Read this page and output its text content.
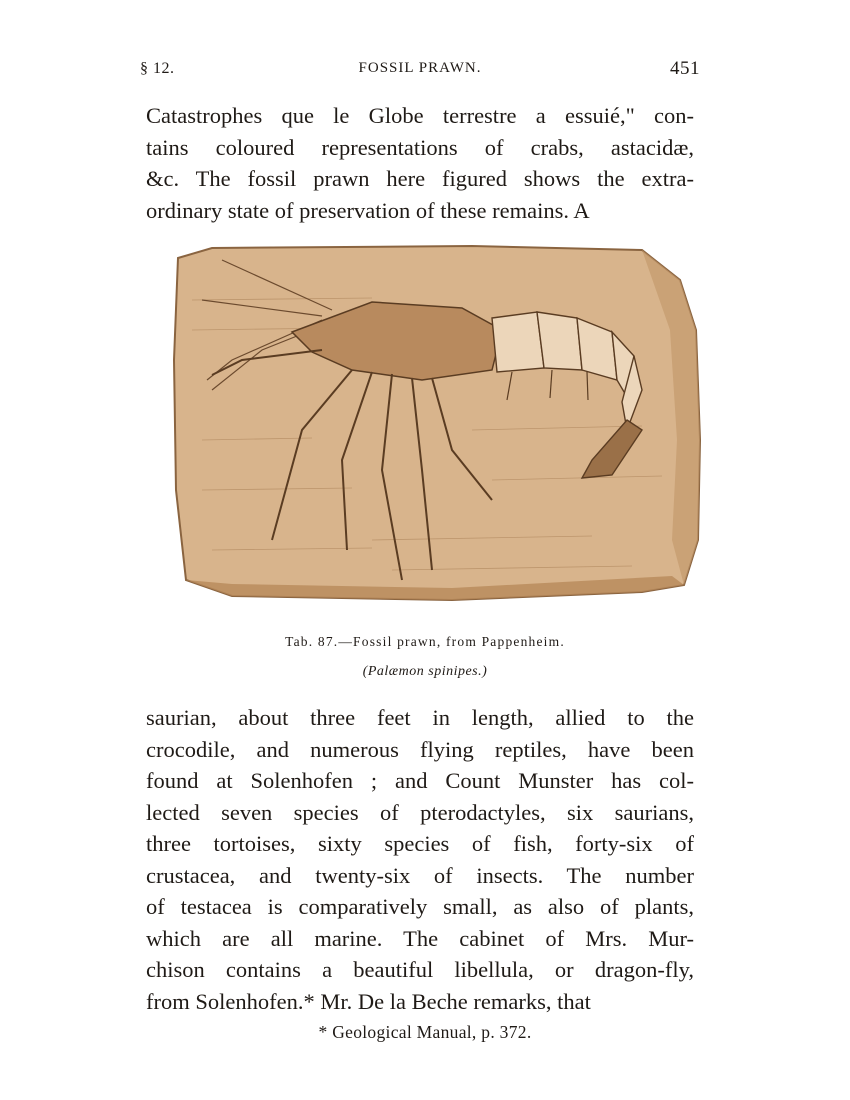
§ 12.	FOSSIL PRAWN.	451
Catastrophes que le Globe terrestre a essuié," con-
tains coloured representations of crabs, astacidæ,
&c. The fossil prawn here figured shows the extra-
ordinary state of preservation of these remains. A
Tab. 87.—Fossil prawn, from Pappenheim.
(Palæmon spinipes.)
saurian, about three feet in length, allied to the
crocodile, and numerous flying reptiles, have been
found at Solenhofen ; and Count Munster has col-
lected seven species of pterodactyles, six saurians,
three tortoises, sixty species of fish, forty-six of
crustacea, and twenty-six of insects. The number
of testacea is comparatively small, as also of plants,
which are all marine. The cabinet of Mrs. Mur-
chison contains a beautiful libellula, or dragon-fly,
from Solenhofen.* Mr. De la Beche remarks, that
* Geological Manual, p. 372.
